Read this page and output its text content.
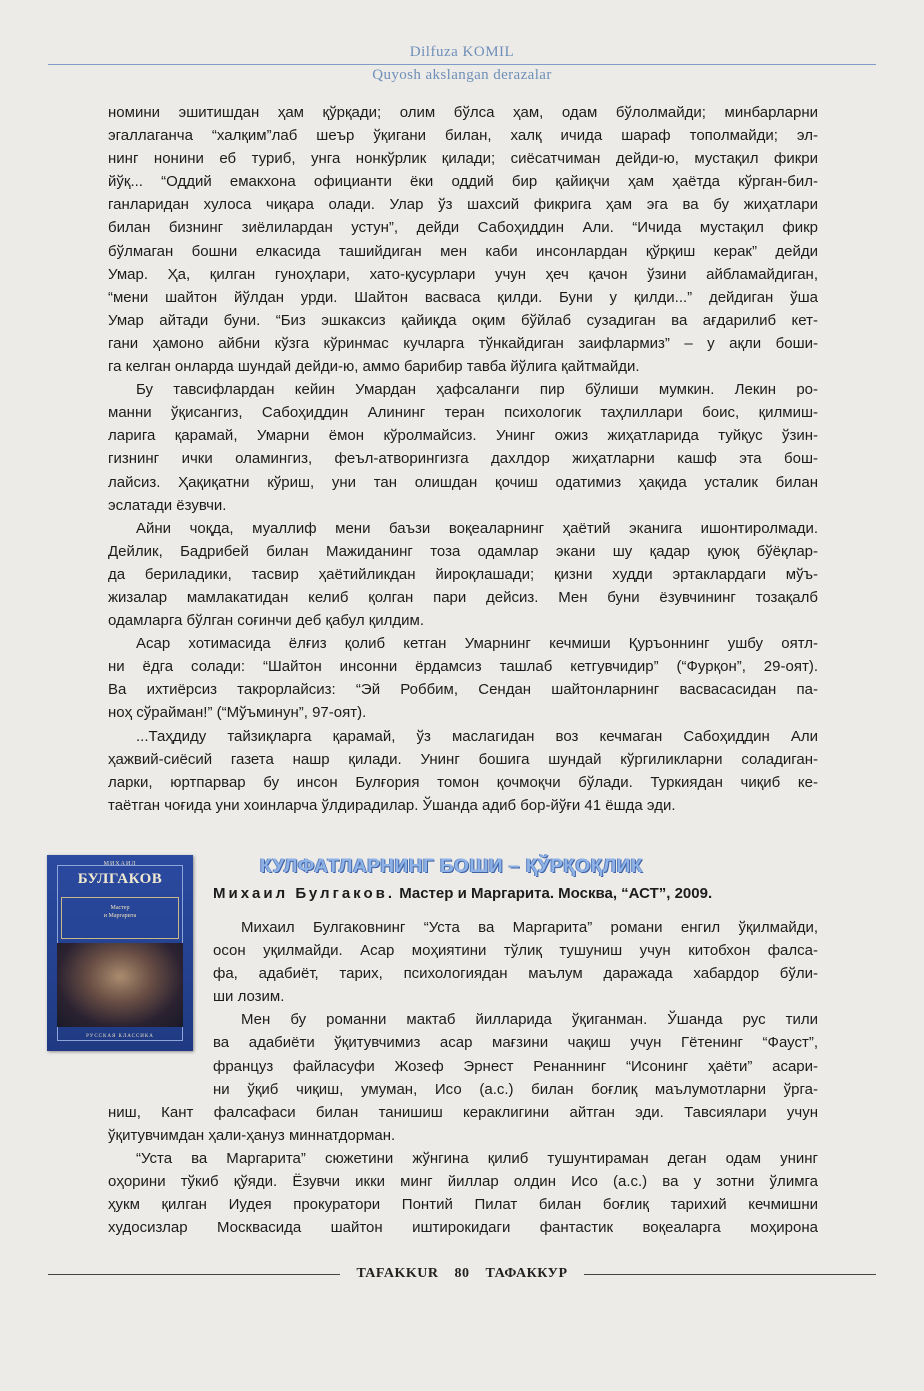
Dilfuza KOMIL
Quyosh akslangan derazalar

номини эшитишдан ҳам қўрқади; олим бўлса ҳам, одам бўлолмайди; минбарларни
эгаллаганча “халқим”лаб шеър ўқигани билан, халқ ичида шараф тополмайди; эл-
нинг нонини еб туриб, унга нонкўрлик қилади; сиёсатчиман дейди-ю, мустақил фикри
йўқ... “Оддий емакхона официанти ёки оддий бир қайиқчи ҳам ҳаётда кўрган-бил-
ганларидан хулоса чиқара олади. Улар ўз шахсий фикрига ҳам эга ва бу жиҳатлари
билан бизнинг зиёлилардан устун”, дейди Сабоҳиддин Али. “Ичида мустақил фикр
бўлмаган бошни елкасида ташийдиган мен каби инсонлардан қўрқиш керак” дейди
Умар. Ҳа, қилган гуноҳлари, хато-қусурлари учун ҳеч қачон ўзини айбламайдиган,
“мени шайтон йўлдан урди. Шайтон васваса қилди. Буни у қилди...” дейдиган ўша
Умар айтади буни. “Биз эшкаксиз қайиқда оқим бўйлаб сузадиган ва ағдарилиб кет-
гани ҳамоно айбни кўзга кўринмас кучларга тўнкайдиган заифлармиз” – у ақли боши-
га келган онларда шундай дейди-ю, аммо барибир тавба йўлига қайтмайди.

Бу тавсифлардан кейин Умардан ҳафсаланги пир бўлиши мумкин. Лекин ро-
манни ўқисангиз, Сабоҳиддин Алининг теран психологик таҳлиллари боис, қилмиш-
ларига қарамай, Умарни ёмон кўролмайсиз. Унинг ожиз жиҳатларида туйқус ўзин-
гизнинг ички оламингиз, феъл-атворингизга дахлдор жиҳатларни кашф эта бош-
лайсиз. Ҳақиқатни кўриш, уни тан олишдан қочиш одатимиз ҳақида усталик билан
эслатади ёзувчи.

Айни чоқда, муаллиф мени баъзи воқеаларнинг ҳаётий эканига ишонтиролмади.
Дейлик, Бадрибей билан Мажиданинг тоза одамлар экани шу қадар қуюқ бўёқлар-
да бериладики, тасвир ҳаётийликдан йироқлашади; қизни худди эртаклардаги мўъ-
жизалар мамлакатидан келиб қолган пари дейсиз. Мен буни ёзувчининг тозақалб
одамларга бўлган соғинчи деб қабул қилдим.

Асар хотимасида ёлғиз қолиб кетган Умарнинг кечмиши Қуръоннинг ушбу оятл-
ни ёдга солади: “Шайтон инсонни ёрдамсиз ташлаб кетгувчидир” (“Фурқон”, 29-оят).
Ва ихтиёрсиз такрорлайсиз: “Эй Роббим, Сендан шайтонларнинг васвасасидан па-
ноҳ сўрайман!” (“Мўъминун”, 97-оят).

...Таҳдиду тайзиқларга қарамай, ўз маслагидан воз кечмаган Сабоҳиддин Али
ҳажвий-сиёсий газета нашр қилади. Унинг бошига шундай кўргиликларни соладиган-
ларки, юртпарвар бу инсон Булғория томон қочмоқчи бўлади. Туркиядан чиқиб ке-
таётган чоғида уни хоинларча ўлдирадилар. Ўшанда адиб бор-йўғи 41 ёшда эди.

МИХАИЛ
БУЛГАКОВ
Мастер
и Маргарита
РУССКАЯ КЛАССИКА
КУЛФАТЛАРНИНГ БОШИ – ҚЎРҚОҚЛИК
Михаил Булгаков. Мастер и Маргарита. Москва, “АСТ”, 2009.

Михаил Булгаковнинг “Уста ва Маргарита” романи енгил ўқилмайди,
осон уқилмайди. Асар моҳиятини тўлиқ тушуниш учун китобхон фалса-
фа, адабиёт, тарих, психологиядан маълум даражада хабардор бўли-
ши лозим.

Мен бу романни мактаб йилларида ўқиганман. Ўшанда рус тили
ва адабиёти ўқитувчимиз асар мағзини чақиш учун Гётенинг “Фауст”,
француз файласуфи Жозеф Эрнест Ренаннинг “Исонинг ҳаёти” асари-
ни ўқиб чиқиш, умуман, Исо (а.с.) билан боғлиқ маълумотларни ўрга-

ниш, Кант фалсафаси билан танишиш кераклигини айтган эди. Тавсиялари учун
ўқитувчимдан ҳали-ҳануз миннатдорман.

“Уста ва Маргарита” сюжетини жўнгина қилиб тушунтираман деган одам унинг
оҳорини тўкиб қўяди. Ёзувчи икки минг йиллар олдин Исо (а.с.) ва у зотни ўлимга
ҳукм қилган Иудея прокуратори Понтий Пилат билан боғлиқ тарихий кечмишни
худосизлар Москвасида шайтон иштирокидаги фантастик воқеаларга моҳирона

TAFAKKUR 80 ТАФАККУР
